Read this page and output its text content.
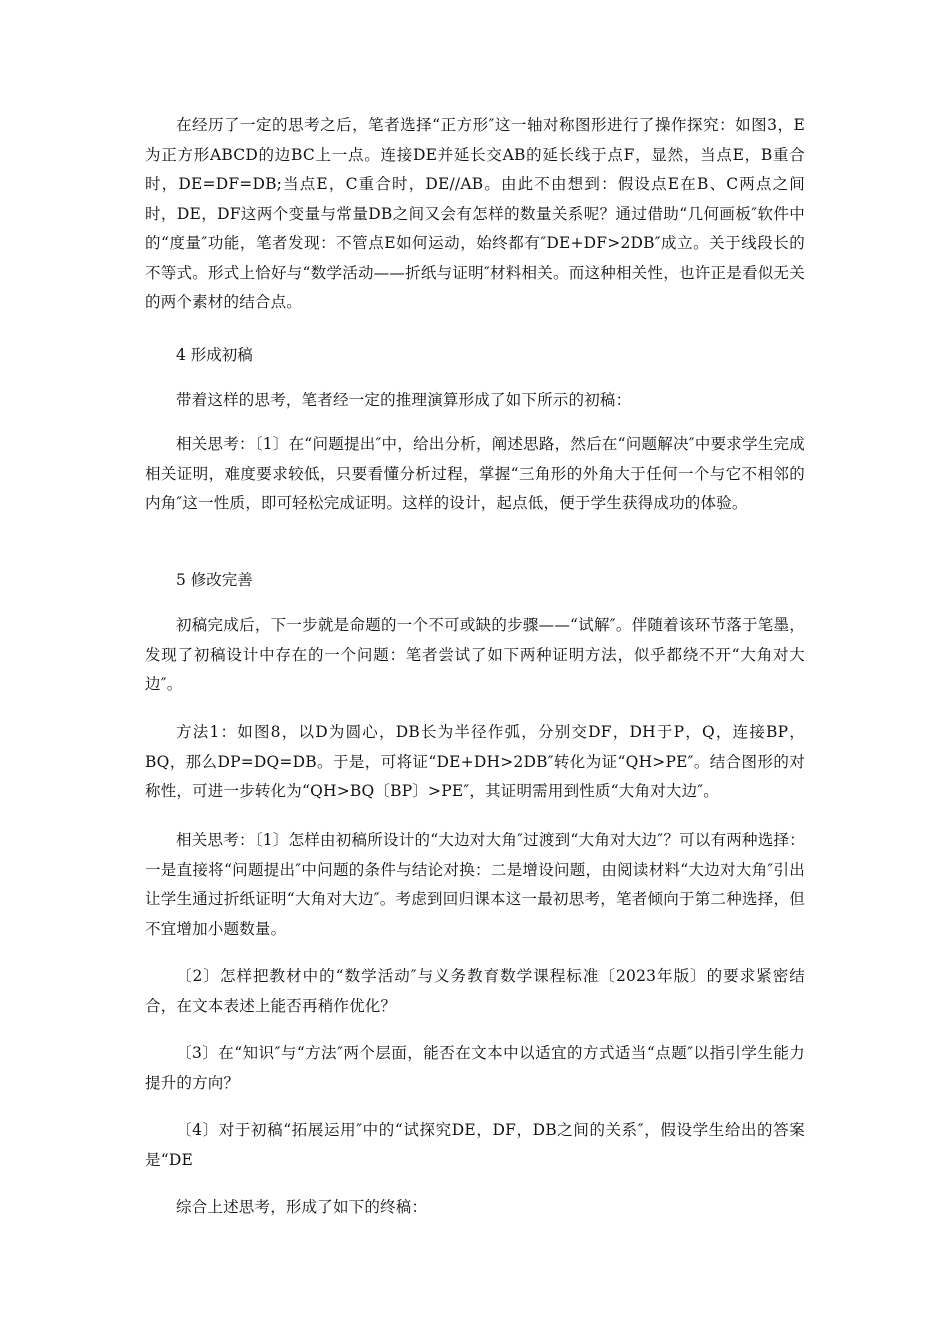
在经历了一定的思考之后，笔者选择“正方形″这一轴对称图形进行了操作探究：如图3，E为正方形ABCD的边BC上一点。连接DE并延长交AB的延长线于点F，显然，当点E，B重合时，DE=DF=DB;当点E，C重合时，DE//AB。由此不由想到：假设点E在B、C两点之间时，DE，DF这两个变量与常量DB之间又会有怎样的数量关系呢？通过借助“几何画板″软件中的“度量″功能，笔者发现：不管点E如何运动，始终都有″DE+DF>2DB″成立。关于线段长的不等式。形式上恰好与“数学活动——折纸与证明″材料相关。而这种相关性，也许正是看似无关的两个素材的结合点。

4 形成初稿

带着这样的思考，笔者经一定的推理演算形成了如下所示的初稿：

相关思考：〔1〕在“问题提出″中，给出分析，阐述思路，然后在“问题解决″中要求学生完成相关证明，难度要求较低，只要看懂分析过程，掌握“三角形的外角大于任何一个与它不相邻的内角″这一性质，即可轻松完成证明。这样的设计，起点低，便于学生获得成功的体验。

5 修改完善

初稿完成后，下一步就是命题的一个不可或缺的步骤——“试解″。伴随着该环节落于笔墨，发现了初稿设计中存在的一个问题：笔者尝试了如下两种证明方法，似乎都绕不开“大角对大边″。

方法1：如图8，以D为圆心，DB长为半径作弧，分别交DF，DH于P，Q，连接BP，BQ，那么DP=DQ=DB。于是，可将证“DE+DH>2DB″转化为证“QH>PE″。结合图形的对称性，可进一步转化为“QH>BQ〔BP〕>PE″，其证明需用到性质“大角对大边″。

相关思考：〔1〕怎样由初稿所设计的“大边对大角″过渡到“大角对大边″？可以有两种选择：一是直接将“问题提出″中问题的条件与结论对换：二是增设问题，由阅读材料“大边对大角″引出让学生通过折纸证明“大角对大边″。考虑到回归课本这一最初思考，笔者倾向于第二种选择，但不宜增加小题数量。

〔2〕怎样把教材中的“数学活动″与义务教育数学课程标准〔2023年版〕的要求紧密结合，在文本表述上能否再稍作优化？

〔3〕在“知识″与“方法″两个层面，能否在文本中以适宜的方式适当“点题″以指引学生能力提升的方向？

〔4〕对于初稿“拓展运用″中的“试探究DE，DF，DB之间的关系″，假设学生给出的答案是“DE

综合上述思考，形成了如下的终稿：
